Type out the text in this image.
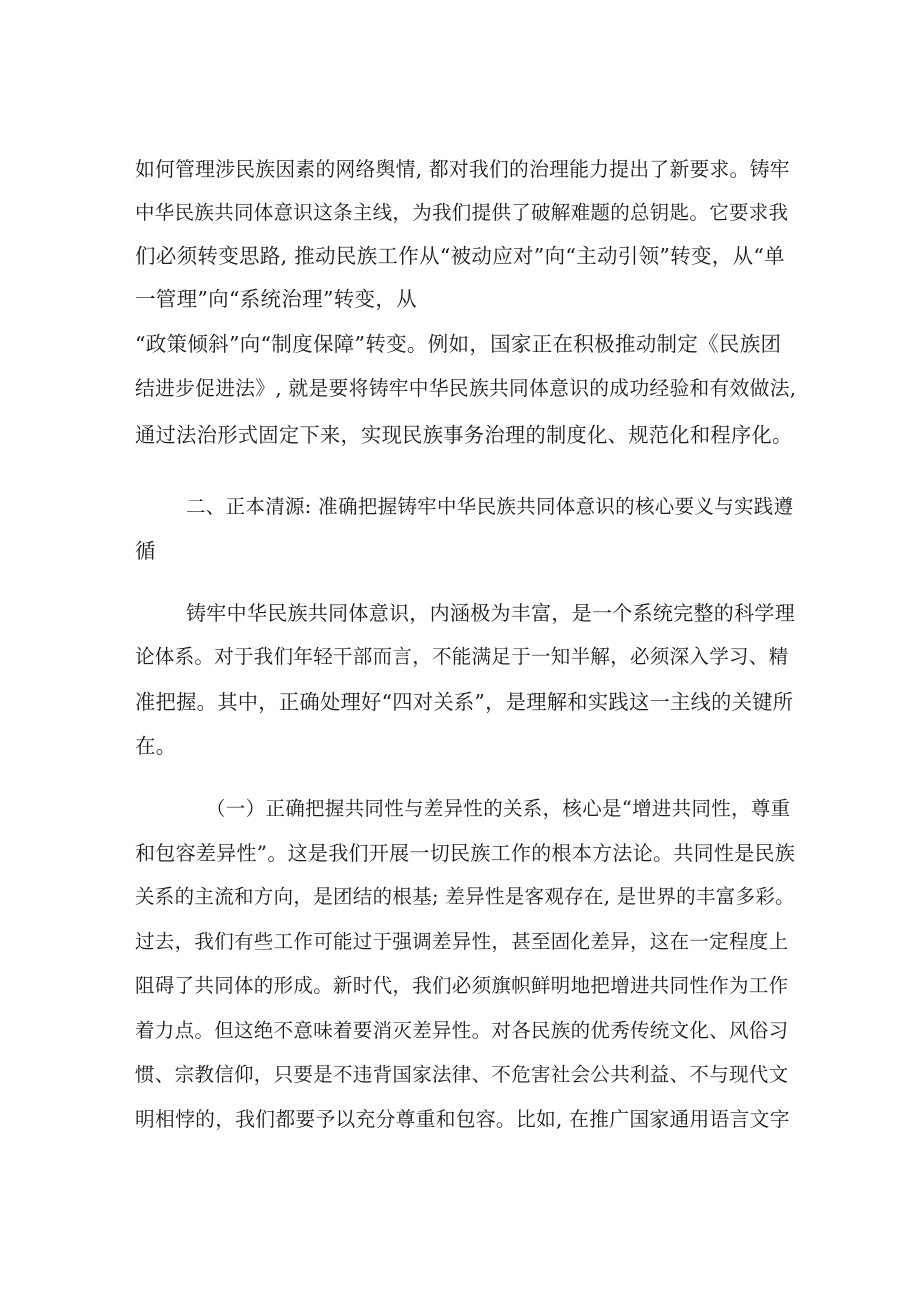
如何管理涉民族因素的网络舆情, 都对我们的治理能力提出了新要求。铸牢
中华民族共同体意识这条主线，为我们提供了破解难题的总钥匙。它要求我
们必须转变思路, 推动民族工作从“被动应对”向“主动引领”转变，从“单
一管理”向“系统治理”转变，从
“政策倾斜”向“制度保障”转变。例如，国家正在积极推动制定《民族团
结进步促进法》, 就是要将铸牢中华民族共同体意识的成功经验和有效做法,
通过法治形式固定下来，实现民族事务治理的制度化、规范化和程序化。
二、正本清源: 准确把握铸牢中华民族共同体意识的核心要义与实践遵
循
铸牢中华民族共同体意识，内涵极为丰富，是一个系统完整的科学理
论体系。对于我们年轻干部而言，不能满足于一知半解，必须深入学习、精
准把握。其中，正确处理好“四对关系”，是理解和实践这一主线的关键所
在。
（一）正确把握共同性与差异性的关系，核心是“增进共同性，尊重
和包容差异性”。这是我们开展一切民族工作的根本方法论。共同性是民族
关系的主流和方向，是团结的根基; 差异性是客观存在, 是世界的丰富多彩。
过去，我们有些工作可能过于强调差异性，甚至固化差异，这在一定程度上
阻碍了共同体的形成。新时代，我们必须旗帜鲜明地把增进共同性作为工作
着力点。但这绝不意味着要消灭差异性。对各民族的优秀传统文化、风俗习
惯、宗教信仰，只要是不违背国家法律、不危害社会公共利益、不与现代文
明相悖的，我们都要予以充分尊重和包容。比如, 在推广国家通用语言文字
